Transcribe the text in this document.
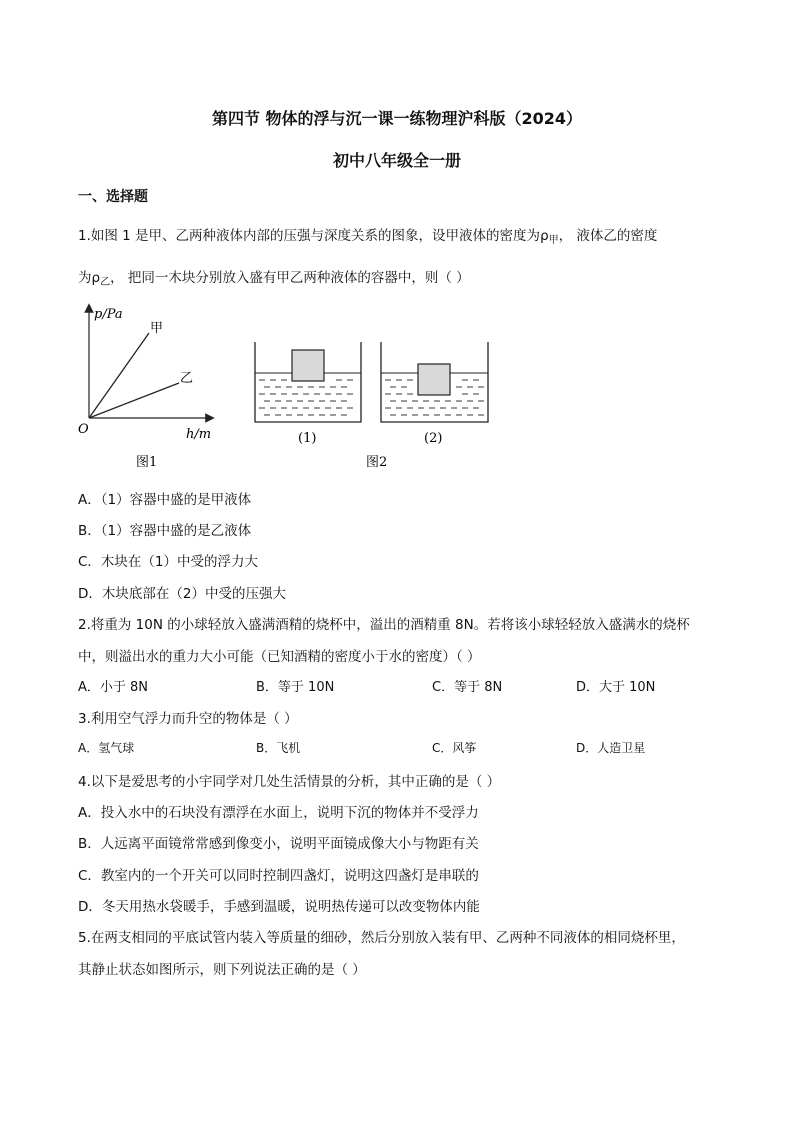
第四节 物体的浮与沉一课一练物理沪科版（2024）
初中八年级全一册
一、选择题
1.如图 1 是甲、乙两种液体内部的压强与深度关系的图象，设甲液体的密度为$\rho_甲$， 液体乙的密度
为$\rho_乙$， 把同一木块分别放入盛有甲乙两种液体的容器中，则（ ）
p/Pa
h/m
O
甲
乙
图1
(1)	(2)
图2
A．（1）容器中盛的是甲液体
B．（1）容器中盛的是乙液体
C．木块在（1）中受的浮力大
D．木块底部在（2）中受的压强大
2.将重为 10N 的小球轻放入盛满酒精的烧杯中，溢出的酒精重 8N。若将该小球轻轻放入盛满水的烧杯
中，则溢出水的重力大小可能（已知酒精的密度小于水的密度）（ ）
A．小于 8N	B．等于 10N	C．等于 8N	D．大于 10N
3.利用空气浮力而升空的物体是（ ）
A．氢气球	B．飞机	C．风筝	D．人造卫星
4.以下是爱思考的小宇同学对几处生活情景的分析，其中正确的是（ ）
A．投入水中的石块没有漂浮在水面上，说明下沉的物体并不受浮力
B．人远离平面镜常常感到像变小，说明平面镜成像大小与物距有关
C．教室内的一个开关可以同时控制四盏灯，说明这四盏灯是串联的
D．冬天用热水袋暖手，手感到温暖，说明热传递可以改变物体内能
5.在两支相同的平底试管内装入等质量的细砂，然后分别放入装有甲、乙两种不同液体的相同烧杯里，
其静止状态如图所示，则下列说法正确的是（ ）
